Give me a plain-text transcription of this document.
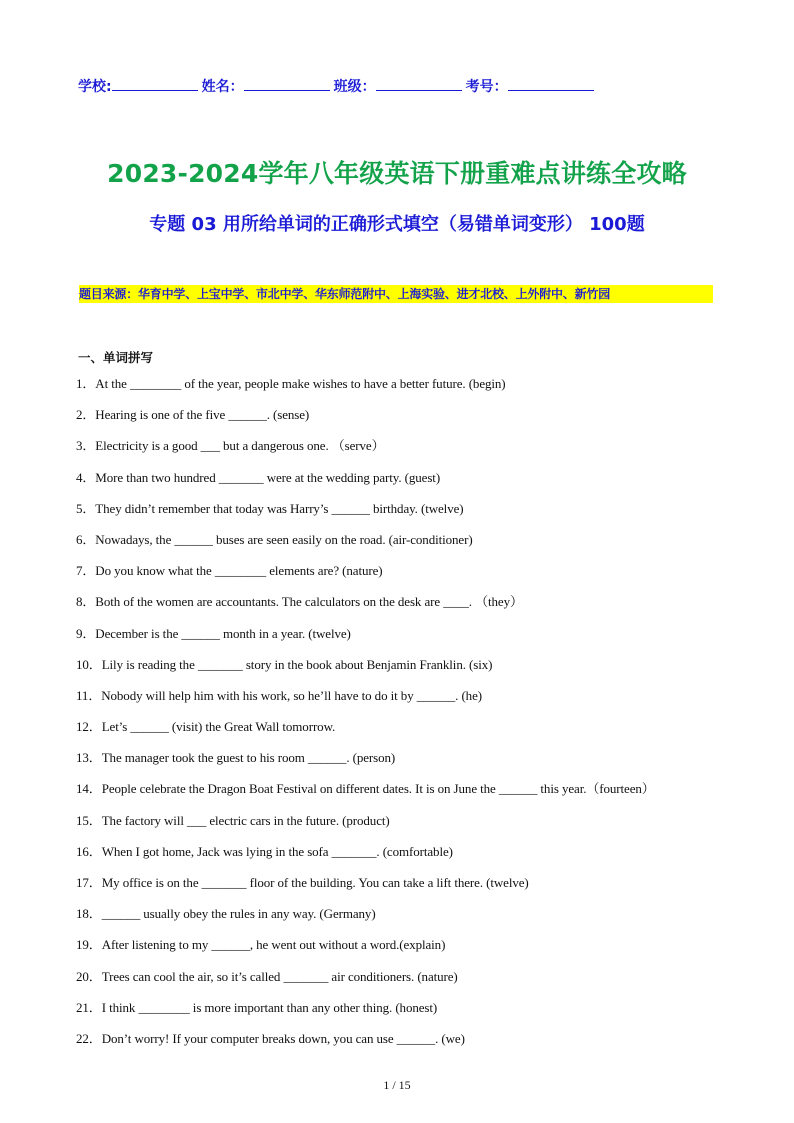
学校:	姓名：	班级：	考号：
2023-2024学年八年级英语下册重难点讲练全攻略
专题 03 用所给单词的正确形式填空（易错单词变形） 100题
题目来源：华育中学、上宝中学、市北中学、华东师范附中、上海实验、进才北校、上外附中、新竹园
一、单词拼写
1．At the ________ of the year, people make wishes to have a better future. (begin)
2．Hearing is one of the five ______. (sense)
3．Electricity is a good ___ but a dangerous one. （serve）
4．More than two hundred _______ were at the wedding party. (guest)
5．They didn’t remember that today was Harry’s ______ birthday. (twelve)
6．Nowadays, the ______ buses are seen easily on the road. (air-conditioner)
7．Do you know what the ________ elements are? (nature)
8．Both of the women are accountants. The calculators on the desk are ____. （they）
9．December is the ______ month in a year. (twelve)
10．Lily is reading the _______ story in the book about Benjamin Franklin. (six)
11．Nobody will help him with his work, so he’ll have to do it by ______. (he)
12．Let’s ______ (visit) the Great Wall tomorrow.
13．The manager took the guest to his room ______. (person)
14．People celebrate the Dragon Boat Festival on different dates. It is on June the ______ this year.（fourteen）
15．The factory will ___ electric cars in the future. (product)
16．When I got home, Jack was lying in the sofa _______. (comfortable)
17．My office is on the _______ floor of the building. You can take a lift there. (twelve)
18．______ usually obey the rules in any way. (Germany)
19．After listening to my ______, he went out without a word.(explain)
20．Trees can cool the air, so it’s called _______ air conditioners. (nature)
21．I think ________ is more important than any other thing. (honest)
22．Don’t worry! If your computer breaks down, you can use ______. (we)
1 / 15
